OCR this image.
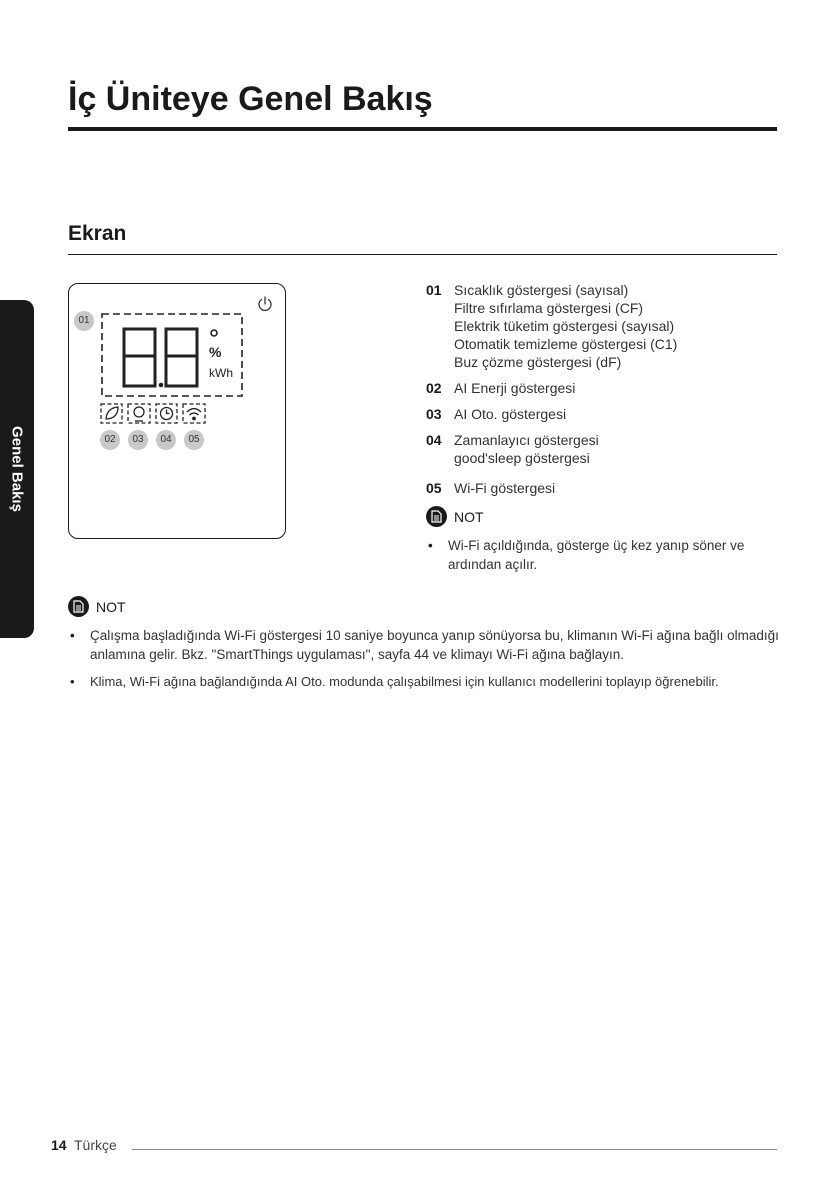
Genel Bakış
İç Üniteye Genel Bakış
Ekran
%
kWh
01
02	03	04	05
01 Sıcaklık göstergesi (sayısal)
Filtre sıfırlama göstergesi (CF)
Elektrik tüketim göstergesi (sayısal)
Otomatik temizleme göstergesi (C1)
Buz çözme göstergesi (dF)
02 AI Enerji göstergesi
03 AI Oto. göstergesi
04 Zamanlayıcı göstergesi
good'sleep göstergesi
05 Wi-Fi göstergesi
NOT
• Wi-Fi açıldığında, gösterge üç kez yanıp söner ve ardından açılır.
NOT
• Çalışma başladığında Wi-Fi göstergesi 10 saniye boyunca yanıp sönüyorsa bu, klimanın Wi-Fi ağına bağlı olmadığı anlamına gelir. Bkz. "SmartThings uygulaması", sayfa 44 ve klimayı Wi-Fi ağına bağlayın.
• Klima, Wi-Fi ağına bağlandığında AI Oto. modunda çalışabilmesi için kullanıcı modellerini toplayıp öğrenebilir.
14 Türkçe
